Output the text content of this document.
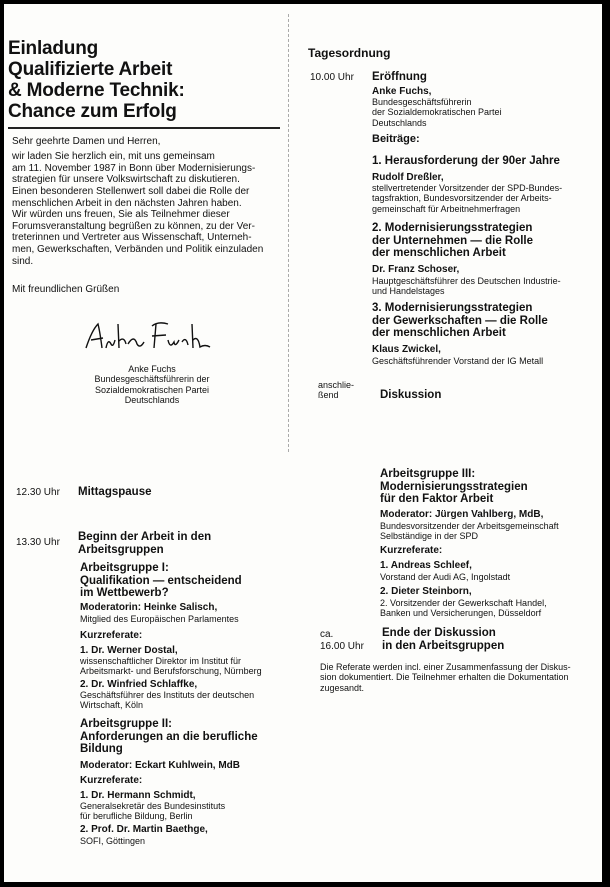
Einladung
Qualifizierte Arbeit
& Moderne Technik:
Chance zum Erfolg

Sehr geehrte Damen und Herren,

wir laden Sie herzlich ein, mit uns gemeinsam
am 11. November 1987 in Bonn über Modernisierungs-
strategien für unsere Volkswirtschaft zu diskutieren.

Einen besonderen Stellenwert soll dabei die Rolle der
menschlichen Arbeit in den nächsten Jahren haben.
Wir würden uns freuen, Sie als Teilnehmer dieser
Forumsveranstaltung begrüßen zu können, zu der Ver-
treterinnen und Vertreter aus Wissenschaft, Unterneh-
men, Gewerkschaften, Verbänden und Politik einzuladen
sind.

Mit freundlichen Grüßen

Anke Fuchs
Bundesgeschäftsführerin der
Sozialdemokratischen Partei
Deutschlands

Tagesordnung

10.00 Uhr Eröffnung

Anke Fuchs,

Bundesgeschäftsführerin
der Sozialdemokratischen Partei
Deutschlands

Beiträge:

1. Herausforderung der 90er Jahre

Rudolf Dreßler,

stellvertretender Vorsitzender der SPD-Bundes-
tagsfraktion, Bundesvorsitzender der Arbeits-
gemeinschaft für Arbeitnehmerfragen

2. Modernisierungsstrategien
der Unternehmen — die Rolle
der menschlichen Arbeit

Dr. Franz Schoser,

Hauptgeschäftsführer des Deutschen Industrie-
und Handelstages

3. Modernisierungsstrategien
der Gewerkschaften — die Rolle
der menschlichen Arbeit

Klaus Zwickel,

Geschäftsführender Vorstand der IG Metall

anschlie-
ßend	Diskussion

12.30 Uhr Mittagspause

13.30 Uhr Beginn der Arbeit in den
Arbeitsgruppen

Arbeitsgruppe I:
Qualifikation — entscheidend
im Wettbewerb?

Moderatorin: Heinke Salisch,

Mitglied des Europäischen Parlamentes

Kurzreferate:

1. Dr. Werner Dostal,

wissenschaftlicher Direktor im Institut für
Arbeitsmarkt- und Berufsforschung, Nürnberg

2. Dr. Winfried Schlaffke,

Geschäftsführer des Instituts der deutschen
Wirtschaft, Köln

Arbeitsgruppe II:
Anforderungen an die berufliche
Bildung

Moderator: Eckart Kuhlwein, MdB

Kurzreferate:

1. Dr. Hermann Schmidt,

Generalsekretär des Bundesinstituts
für berufliche Bildung, Berlin

2. Prof. Dr. Martin Baethge,

SOFI, Göttingen

Arbeitsgruppe III:
Modernisierungsstrategien
für den Faktor Arbeit

Moderator: Jürgen Vahlberg, MdB,

Bundesvorsitzender der Arbeitsgemeinschaft
Selbständige in der SPD

Kurzreferate:

1. Andreas Schleef,

Vorstand der Audi AG, Ingolstadt

2. Dieter Steinborn,

2. Vorsitzender der Gewerkschaft Handel,
Banken und Versicherungen, Düsseldorf

ca.
16.00 Uhr

Ende der Diskussion
in den Arbeitsgruppen

Die Referate werden incl. einer Zusammenfassung der Diskus-
sion dokumentiert. Die Teilnehmer erhalten die Dokumentation
zugesandt.
